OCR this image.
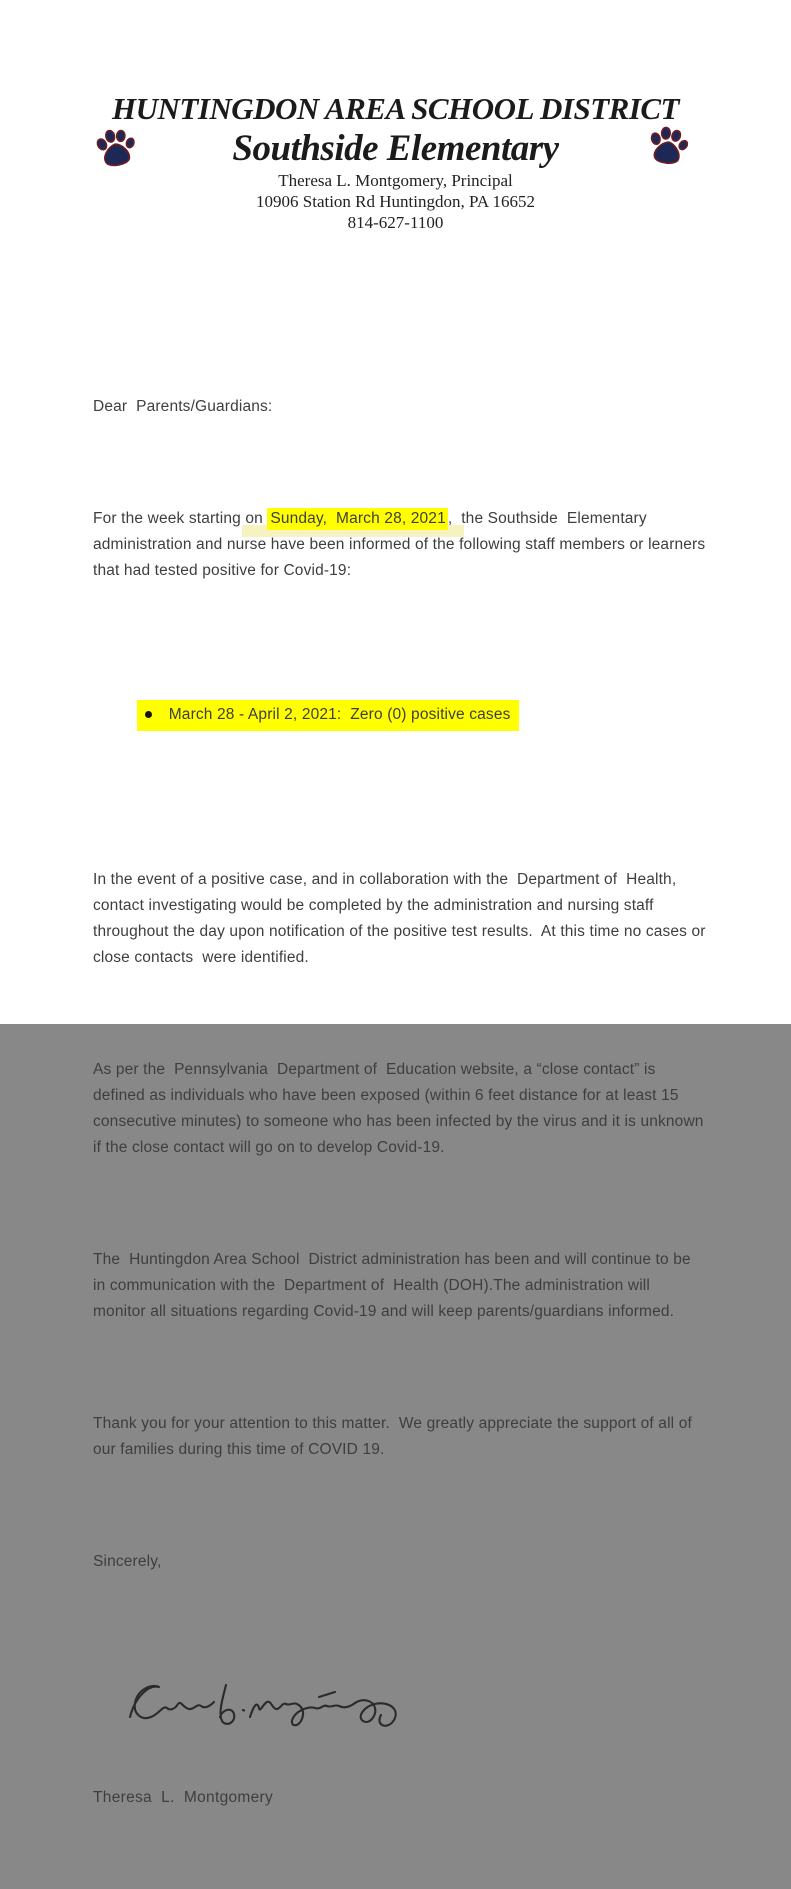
HUNTINGDON AREA SCHOOL DISTRICT
Southside Elementary
Theresa L. Montgomery, Principal
10906 Station Rd Huntingdon, PA 16652
814-627-1100

Dear  Parents/Guardians:

For the week starting on Sunday,  March 28, 2021 ,  the Southside  Elementary administration and nurse have been informed of the following staff members or learners that had tested positive for Covid-19:

March 28 - April 2, 2021:  Zero (0) positive cases

In the event of a positive case, and in collaboration with the  Department of  Health, contact investigating would be completed by the administration and nursing staff throughout the day upon notification of the positive test results.  At this time no cases or close contacts  were identified.

As per the  Pennsylvania  Department of  Education website, a “close contact” is defined as individuals who have been exposed (within 6 feet distance for at least 15 consecutive minutes) to someone who has been infected by the virus and it is unknown if the close contact will go on to develop Covid-19.

The  Huntingdon Area School  District administration has been and will continue to be in communication with the  Department of  Health (DOH).The administration will monitor all situations regarding Covid-19 and will keep parents/guardians informed.

Thank you for your attention to this matter.  We greatly appreciate the support of all of our families during this time of COVID 19.

Sincerely,

Theresa  L.  Montgomery
